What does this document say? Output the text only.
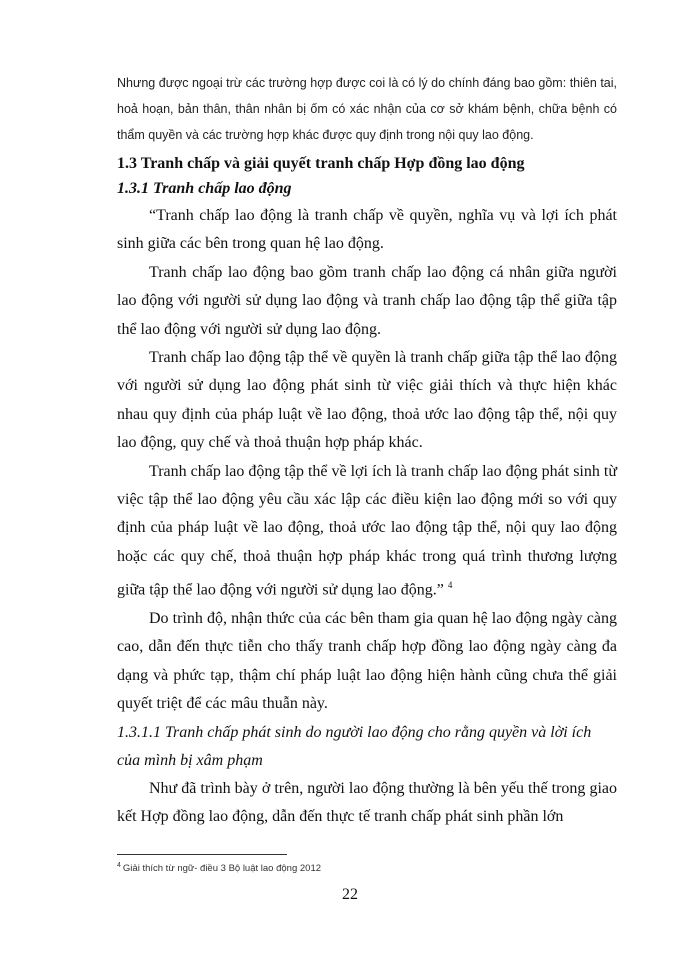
Nhưng được ngoại trừ các trường hợp được coi là có lý do chính đáng bao gồm: thiên tai, hoả hoạn, bản thân, thân nhân bị ốm có xác nhận của cơ sở khám bệnh, chữa bệnh có thẩm quyền và các trường hợp khác được quy định trong nội quy lao động.

1.3 Tranh chấp và giải quyết tranh chấp Hợp đồng lao động
1.3.1 Tranh chấp lao động

“Tranh chấp lao động là tranh chấp về quyền, nghĩa vụ và lợi ích phát sinh giữa các bên trong quan hệ lao động.

Tranh chấp lao động bao gồm tranh chấp lao động cá nhân giữa người lao động với người sử dụng lao động và tranh chấp lao động tập thể giữa tập thể lao động với người sử dụng lao động.

Tranh chấp lao động tập thể về quyền là tranh chấp giữa tập thể lao động với người sử dụng lao động phát sinh từ việc giải thích và thực hiện khác nhau quy định của pháp luật về lao động, thoả ước lao động tập thể, nội quy lao động, quy chế và thoả thuận hợp pháp khác.

Tranh chấp lao động tập thể về lợi ích là tranh chấp lao động phát sinh từ việc tập thể lao động yêu cầu xác lập các điều kiện lao động mới so với quy định của pháp luật về lao động, thoả ước lao động tập thể, nội quy lao động hoặc các quy chế, thoả thuận hợp pháp khác trong quá trình thương lượng giữa tập thể lao động với người sử dụng lao động.” $^4$

Do trình độ, nhận thức của các bên tham gia quan hệ lao động ngày càng cao, dẫn đến thực tiễn cho thấy tranh chấp hợp đồng lao động ngày càng đa dạng và phức tạp, thậm chí pháp luật lao động hiện hành cũng chưa thể giải quyết triệt để các mâu thuẫn này.

1.3.1.1 Tranh chấp phát sinh do người lao động cho rằng quyền và lời ích của mình bị xâm phạm

Như đã trình bày ở trên, người lao động thường là bên yếu thế trong giao kết Hợp đồng lao động, dẫn đến thực tế tranh chấp phát sinh phần lớn

$^4$ Giải thích từ ngữ- điều 3 Bộ luật lao động 2012
22
